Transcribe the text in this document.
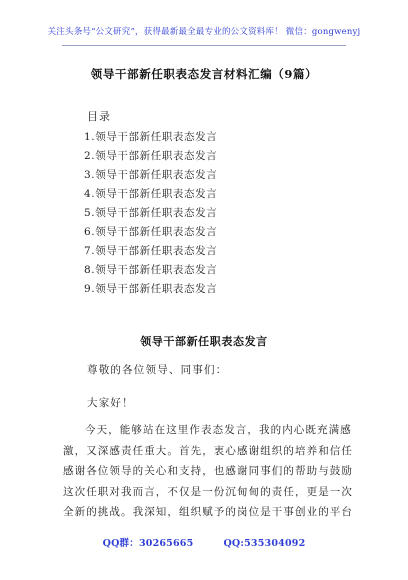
关注头条号“公文研究”，获得最新最全最专业的公文资料库！ 微信：gongwenyj
领导干部新任职表态发言材料汇编（9篇）
目录
1.领导干部新任职表态发言
2.领导干部新任职表态发言
3.领导干部新任职表态发言
4.领导干部新任职表态发言
5.领导干部新任职表态发言
6.领导干部新任职表态发言
7.领导干部新任职表态发言
8.领导干部新任职表态发言
9.领导干部新任职表态发言
领导干部新任职表态发言
尊敬的各位领导、同事们：
大家好！
今天，能够站在这里作表态发言，我的内心既充满感
激，又深感责任重大。首先，衷心感谢组织的培养和信任
感谢各位领导的关心和支持，也感谢同事们的帮助与鼓励
这次任职对我而言，不仅是一份沉甸甸的责任，更是一次
全新的挑战。我深知，组织赋予的岗位是干事创业的平台
QQ群：30265665	QQ:535304092
